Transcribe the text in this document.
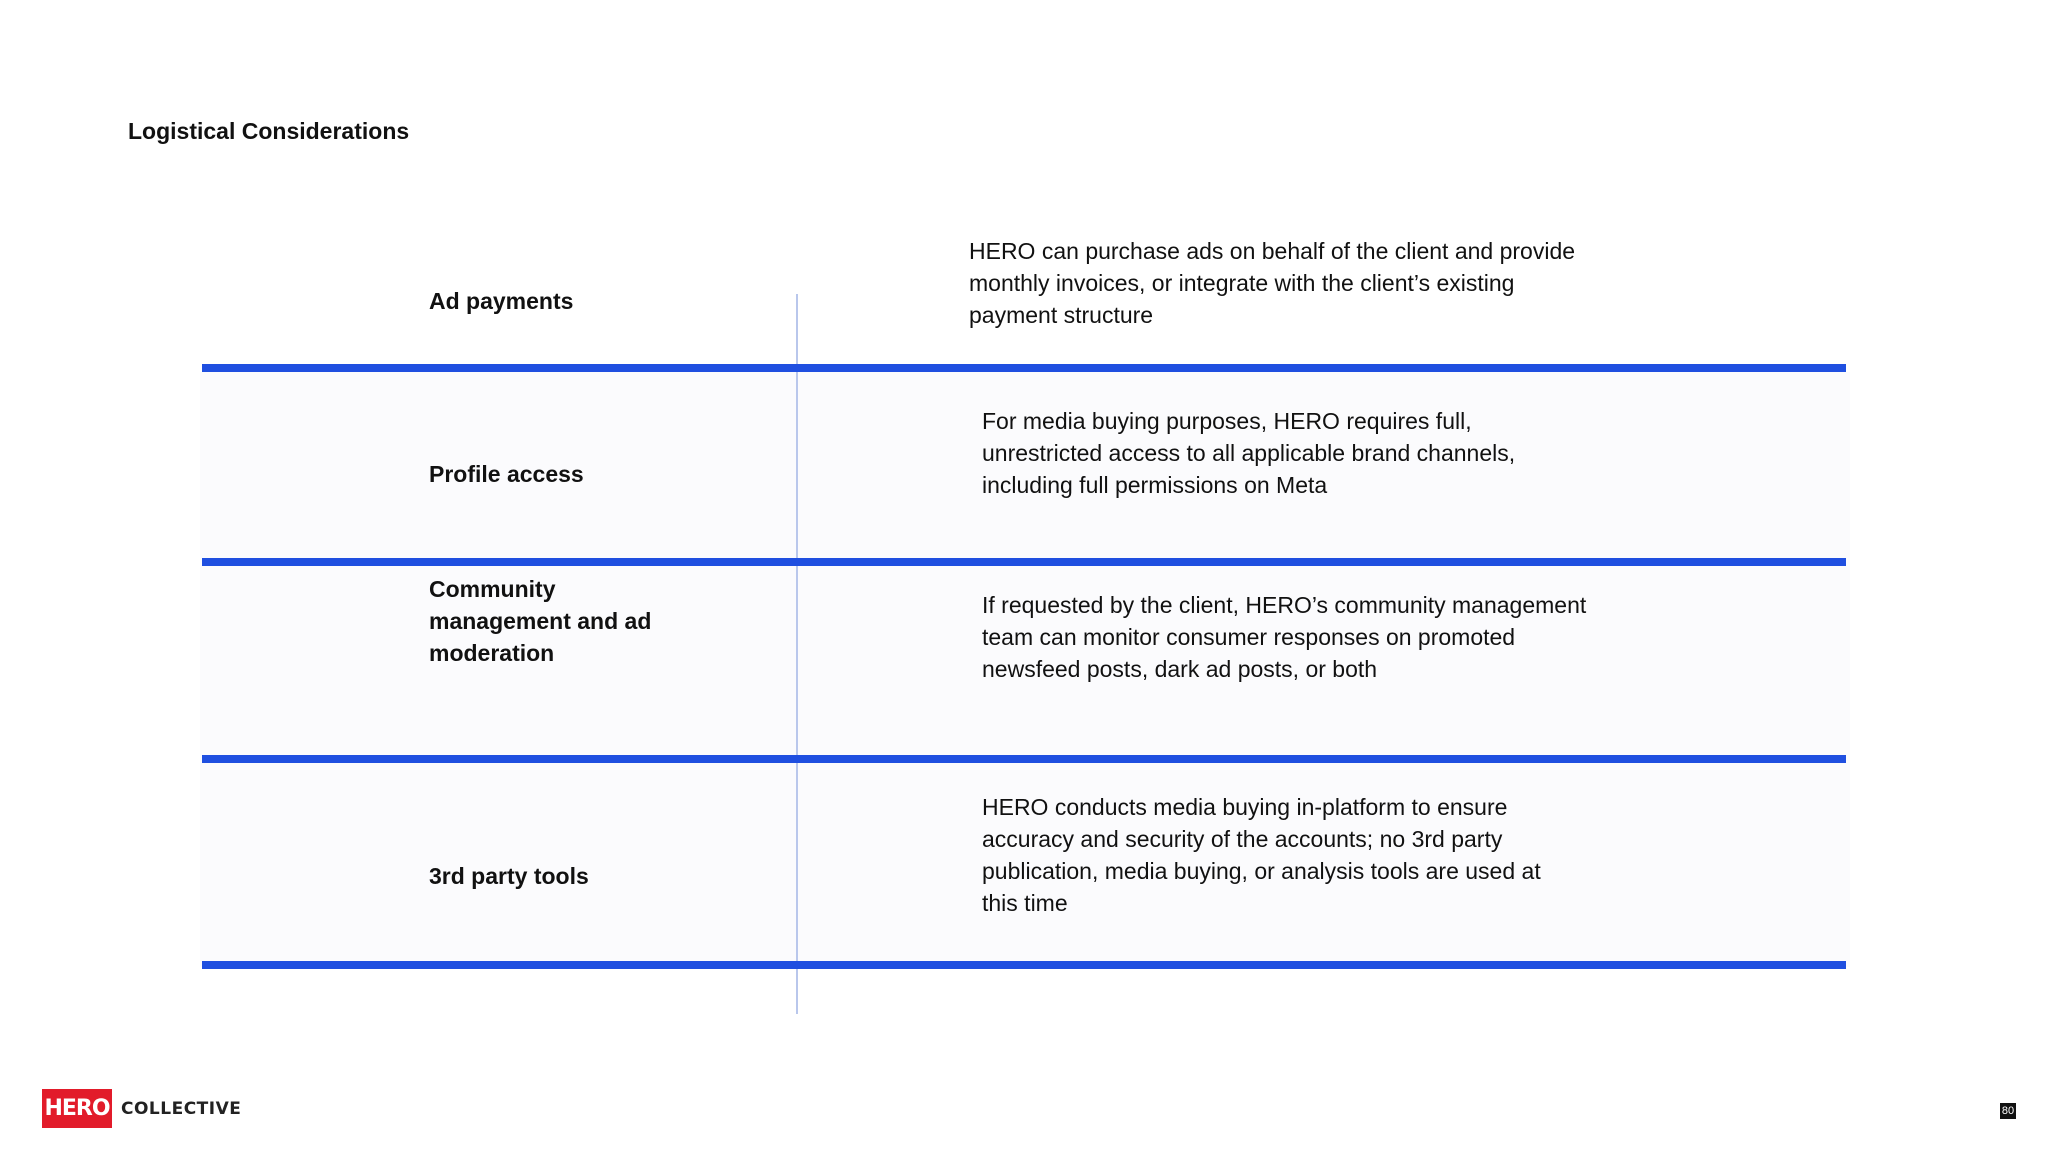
Logistical Considerations
Ad payments
HERO can purchase ads on behalf of the client and provide monthly invoices, or integrate with the client’s existing payment structure
Profile access
For media buying purposes, HERO requires full, unrestricted access to all applicable brand channels, including full permissions on Meta
Community management and ad moderation
If requested by the client, HERO’s community management team can monitor consumer responses on promoted newsfeed posts, dark ad posts, or both
3rd party tools
HERO conducts media buying in-platform to ensure accuracy and security of the accounts; no 3rd party publication, media buying, or analysis tools are used at this time
HERO COLLECTIVE	80
